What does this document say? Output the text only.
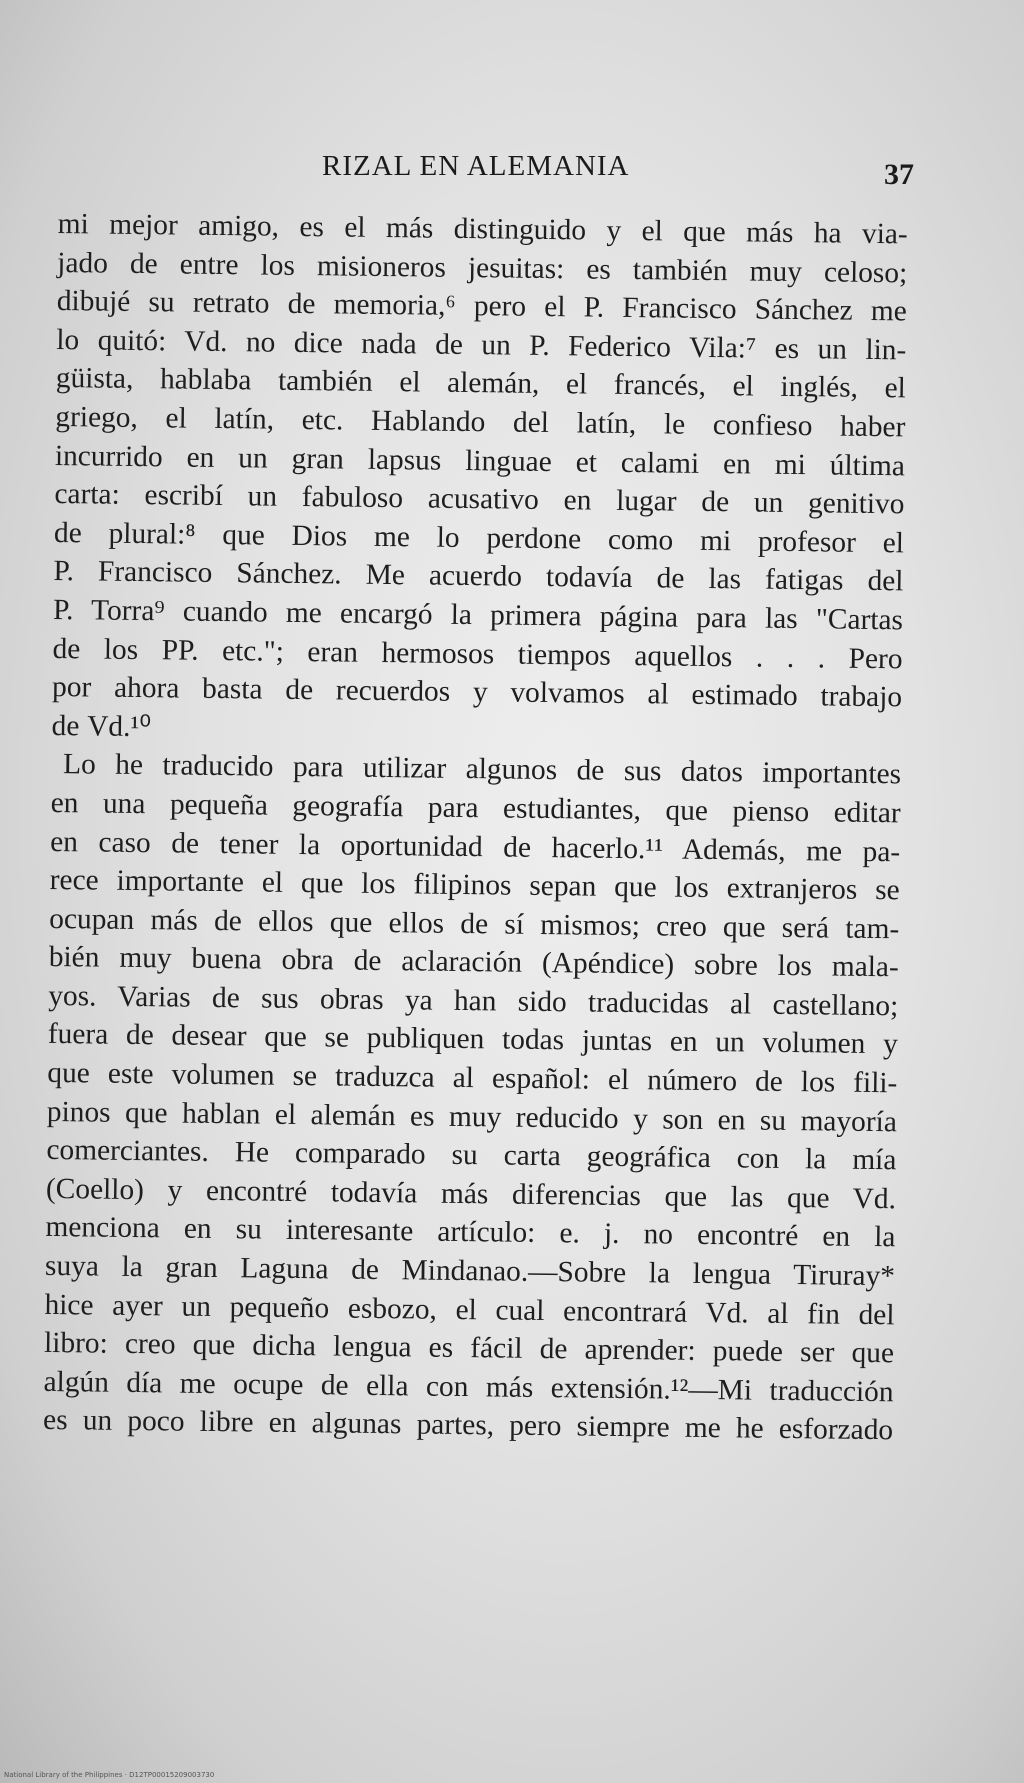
RIZAL EN ALEMANIA	37
mi mejor amigo, es el más distinguido y el que más ha via-
jado de entre los misioneros jesuitas: es también muy celoso;
dibujé su retrato de memoria,⁶ pero el P. Francisco Sánchez me
lo quitó: Vd. no dice nada de un P. Federico Vila:⁷ es un lin-
güista, hablaba también el alemán, el francés, el inglés, el
griego, el latín, etc. Hablando del latín, le confieso haber
incurrido en un gran lapsus linguae et calami en mi última
carta: escribí un fabuloso acusativo en lugar de un genitivo
de plural:⁸ que Dios me lo perdone como mi profesor el
P. Francisco Sánchez. Me acuerdo todavía de las fatigas del
P. Torra⁹ cuando me encargó la primera página para las "Cartas
de los PP. etc."; eran hermosos tiempos aquellos . . . Pero
por ahora basta de recuerdos y volvamos al estimado trabajo
de Vd.¹⁰
Lo he traducido para utilizar algunos de sus datos importantes
en una pequeña geografía para estudiantes, que pienso editar
en caso de tener la oportunidad de hacerlo.¹¹ Además, me pa-
rece importante el que los filipinos sepan que los extranjeros se
ocupan más de ellos que ellos de sí mismos; creo que será tam-
bién muy buena obra de aclaración (Apéndice) sobre los mala-
yos. Varias de sus obras ya han sido traducidas al castellano;
fuera de desear que se publiquen todas juntas en un volumen y
que este volumen se traduzca al español: el número de los fili-
pinos que hablan el alemán es muy reducido y son en su mayoría
comerciantes. He comparado su carta geográfica con la mía
(Coello) y encontré todavía más diferencias que las que Vd.
menciona en su interesante artículo: e. j. no encontré en la
suya la gran Laguna de Mindanao.—Sobre la lengua Tiruray*
hice ayer un pequeño esbozo, el cual encontrará Vd. al fin del
libro: creo que dicha lengua es fácil de aprender: puede ser que
algún día me ocupe de ella con más extensión.¹²—Mi traducción
es un poco libre en algunas partes, pero siempre me he esforzado
National Library of the Philippines · D12TP00015209003730
